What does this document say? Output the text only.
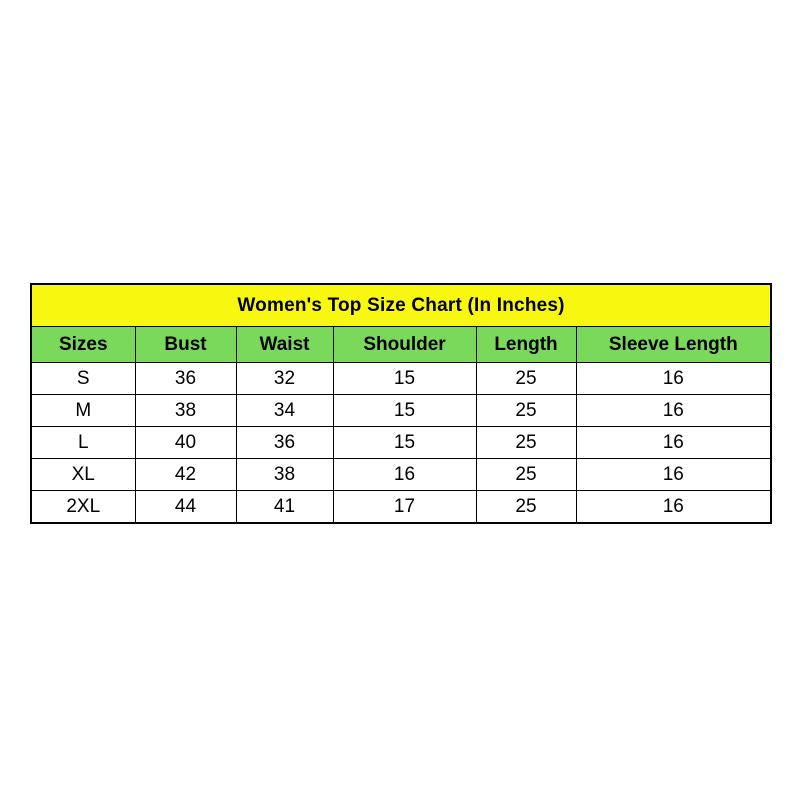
Women's Top Size Chart (In Inches)					
Sizes	Bust	Waist	Shoulder	Length	Sleeve Length
S	36	32	15	25	16
M	38	34	15	25	16
L	40	36	15	25	16
XL	42	38	16	25	16
2XL	44	41	17	25	16
